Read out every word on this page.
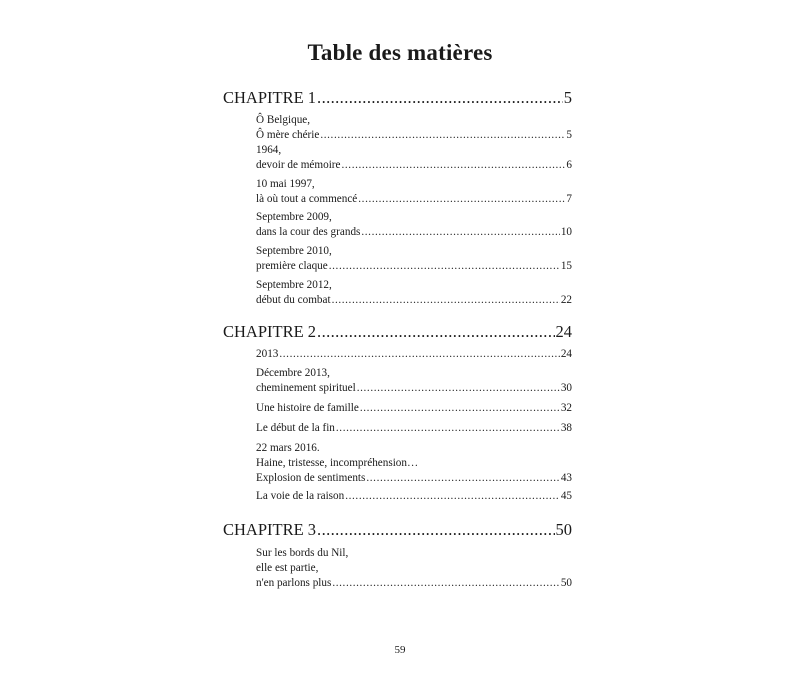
Table des matières
CHAPITRE 1 .....	5
Ô Belgique,
Ô mère chérie .....	5
1964,
devoir de mémoire .....	6
10 mai 1997,
là où tout a commencé .....	7
Septembre 2009,
dans la cour des grands .....	10
Septembre 2010,
première claque .....	15
Septembre 2012,
début du combat .....	22
CHAPITRE 2 .....	24
2013 .....	24
Décembre 2013,
cheminement spirituel .....	30
Une histoire de famille .....	32
Le début de la fin .....	38
22 mars 2016.
Haine, tristesse, incompréhension…
Explosion de sentiments .....	43
La voie de la raison .....	45
CHAPITRE 3 .....	50
Sur les bords du Nil,
elle est partie,
n'en parlons plus .....	50
59
